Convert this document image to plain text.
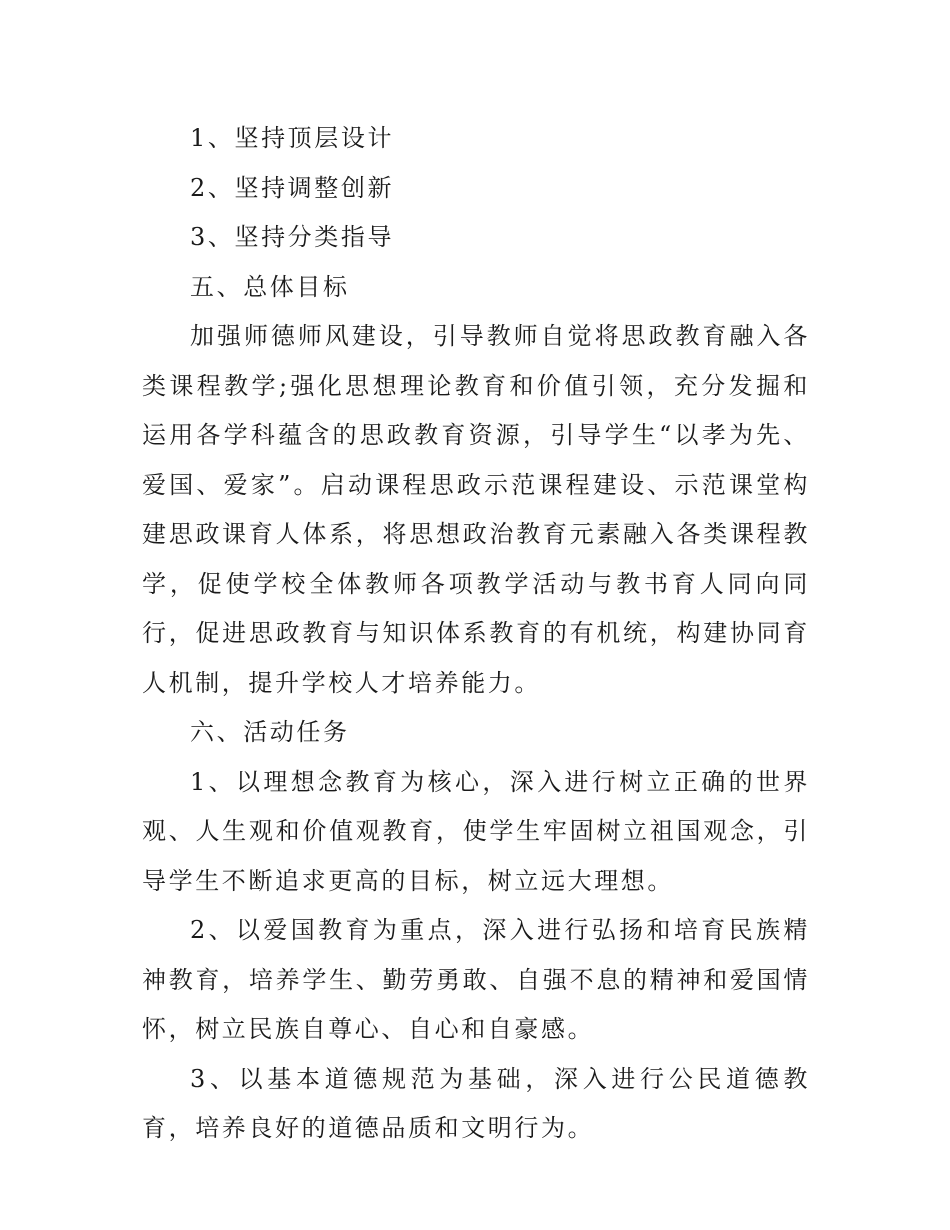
1、坚持顶层设计

2、坚持调整创新

3、坚持分类指导

五、总体目标

加强师德师风建设，引导教师自觉将思政教育融入各类课程教学;强化思想理论教育和价值引领，充分发掘和运用各学科蕴含的思政教育资源，引导学生“以孝为先、爱国、爱家”。启动课程思政示范课程建设、示范课堂构建思政课育人体系，将思想政治教育元素融入各类课程教学，促使学校全体教师各项教学活动与教书育人同向同行，促进思政教育与知识体系教育的有机统，构建协同育人机制，提升学校人才培养能力。

六、活动任务

1、以理想念教育为核心，深入进行树立正确的世界观、人生观和价值观教育，使学生牢固树立祖国观念，引导学生不断追求更高的目标，树立远大理想。

2、以爱国教育为重点，深入进行弘扬和培育民族精神教育，培养学生、勤劳勇敢、自强不息的精神和爱国情怀，树立民族自尊心、自心和自豪感。

3、以基本道德规范为基础，深入进行公民道德教育，培养良好的道德品质和文明行为。
